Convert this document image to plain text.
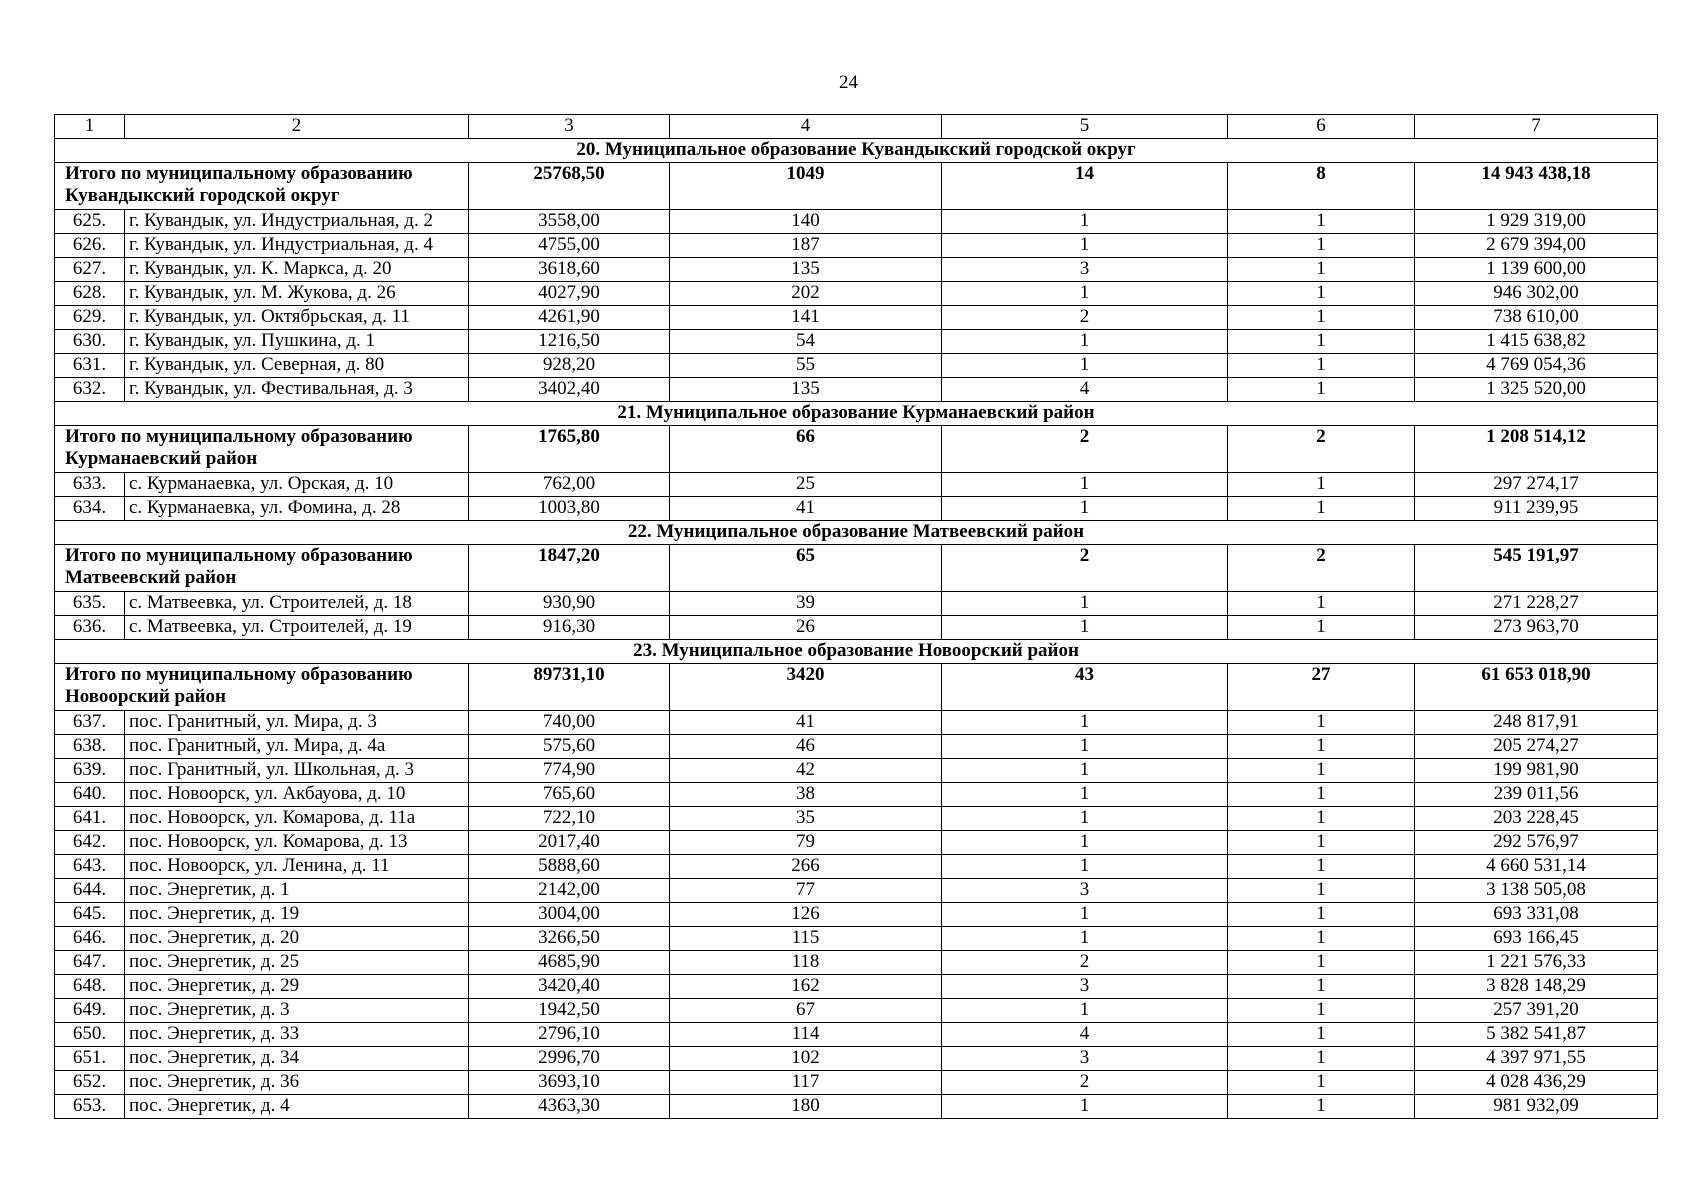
24
1	2	3	4	5	6	7
20. Муниципальное образование Кувандыкский городской округ						
Итого по муниципальному образованию Кувандыкский городской округ		25768,50	1049	14	8	14 943 438,18
625.	г. Кувандык, ул. Индустриальная, д. 2	3558,00	140	1	1	1 929 319,00
626.	г. Кувандык, ул. Индустриальная, д. 4	4755,00	187	1	1	2 679 394,00
627.	г. Кувандык, ул. К. Маркса, д. 20	3618,60	135	3	1	1 139 600,00
628.	г. Кувандык, ул. М. Жукова, д. 26	4027,90	202	1	1	946 302,00
629.	г. Кувандык, ул. Октябрьская, д. 11	4261,90	141	2	1	738 610,00
630.	г. Кувандык, ул. Пушкина, д. 1	1216,50	54	1	1	1 415 638,82
631.	г. Кувандык, ул. Северная, д. 80	928,20	55	1	1	4 769 054,36
632.	г. Кувандык, ул. Фестивальная, д. 3	3402,40	135	4	1	1 325 520,00
21. Муниципальное образование Курманаевский район						
Итого по муниципальному образованию Курманаевский район		1765,80	66	2	2	1 208 514,12
633.	с. Курманаевка, ул. Орская, д. 10	762,00	25	1	1	297 274,17
634.	с. Курманаевка, ул. Фомина, д. 28	1003,80	41	1	1	911 239,95
22. Муниципальное образование Матвеевский район						
Итого по муниципальному образованию Матвеевский район		1847,20	65	2	2	545 191,97
635.	с. Матвеевка, ул. Строителей, д. 18	930,90	39	1	1	271 228,27
636.	с. Матвеевка, ул. Строителей, д. 19	916,30	26	1	1	273 963,70
23. Муниципальное образование Новоорский район						
Итого по муниципальному образованию Новоорский район		89731,10	3420	43	27	61 653 018,90
637.	пос. Гранитный, ул. Мира, д. 3	740,00	41	1	1	248 817,91
638.	пос. Гранитный, ул. Мира, д. 4а	575,60	46	1	1	205 274,27
639.	пос. Гранитный, ул. Школьная, д. 3	774,90	42	1	1	199 981,90
640.	пос. Новоорск, ул. Акбауова, д. 10	765,60	38	1	1	239 011,56
641.	пос. Новоорск, ул. Комарова, д. 11а	722,10	35	1	1	203 228,45
642.	пос. Новоорск, ул. Комарова, д. 13	2017,40	79	1	1	292 576,97
643.	пос. Новоорск, ул. Ленина, д. 11	5888,60	266	1	1	4 660 531,14
644.	пос. Энергетик, д. 1	2142,00	77	3	1	3 138 505,08
645.	пос. Энергетик, д. 19	3004,00	126	1	1	693 331,08
646.	пос. Энергетик, д. 20	3266,50	115	1	1	693 166,45
647.	пос. Энергетик, д. 25	4685,90	118	2	1	1 221 576,33
648.	пос. Энергетик, д. 29	3420,40	162	3	1	3 828 148,29
649.	пос. Энергетик, д. 3	1942,50	67	1	1	257 391,20
650.	пос. Энергетик, д. 33	2796,10	114	4	1	5 382 541,87
651.	пос. Энергетик, д. 34	2996,70	102	3	1	4 397 971,55
652.	пос. Энергетик, д. 36	3693,10	117	2	1	4 028 436,29
653.	пос. Энергетик, д. 4	4363,30	180	1	1	981 932,09
